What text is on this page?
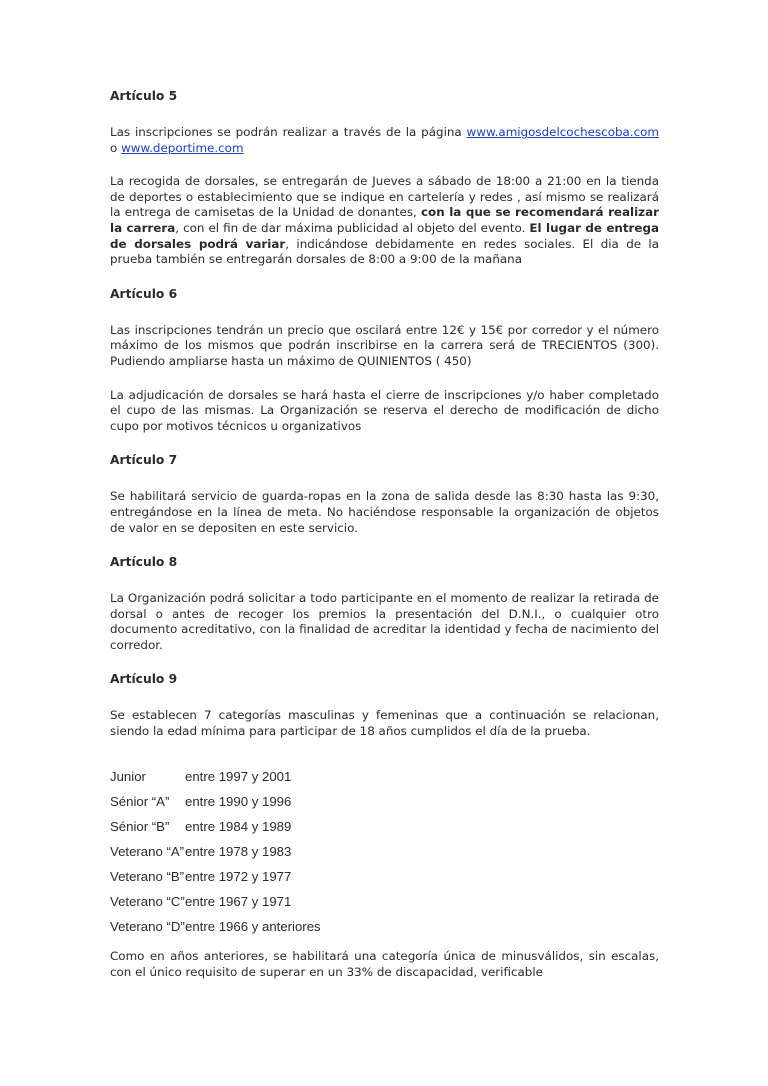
Artículo 5
Las inscripciones se podrán realizar a través de la página www.amigosdelcochescoba.com o www.deportime.com
La recogida de dorsales, se entregarán de Jueves a sábado de 18:00 a 21:00 en la tienda de deportes o establecimiento que se indique en cartelería y redes , así mismo se realizará la entrega de camisetas de la Unidad de donantes, con la que se recomendará realizar la carrera, con el fin de dar máxima publicidad al objeto del evento. El lugar de entrega de dorsales podrá variar, indicándose debidamente en redes sociales. El dia de la prueba también se entregarán dorsales de 8:00 a 9:00 de la mañana
Artículo 6
Las inscripciones tendrán un precio que oscilará entre 12€ y 15€ por corredor y el número máximo de los mismos que podrán inscribirse en la carrera será de TRECIENTOS (300). Pudiendo ampliarse hasta un máximo de QUINIENTOS ( 450)
La adjudicación de dorsales se hará hasta el cierre de inscripciones y/o haber completado el cupo de las mismas. La Organización se reserva el derecho de modificación de dicho cupo por motivos técnicos u organizativos
Artículo 7
Se habilitará servicio de guarda-ropas en la zona de salida desde las 8:30 hasta las 9:30, entregándose en la línea de meta. No haciéndose responsable la organización de objetos de valor en se depositen en este servicio.
Artículo 8
La Organización podrá solicitar a todo participante en el momento de realizar la retirada de dorsal o antes de recoger los premios la presentación del D.N.I., o cualquier otro documento acreditativo, con la finalidad de acreditar la identidad y fecha de nacimiento del corredor.
Artículo 9
Se establecen 7 categorías masculinas y femeninas que a continuación se relacionan, siendo la edad mínima para participar de 18 años cumplidos el día de la prueba.
Junior	entre 1997 y 2001
Sénior “A”	entre 1990 y 1996
Sénior “B”	entre 1984 y 1989
Veterano “A” entre 1978 y 1983
Veterano “B” entre 1972 y 1977
Veterano “C” entre 1967 y 1971
Veterano “D” entre 1966 y anteriores
Como en años anteriores, se habilitará una categoría única de minusválidos, sin escalas, con el único requisito de superar en un 33% de discapacidad, verificable
